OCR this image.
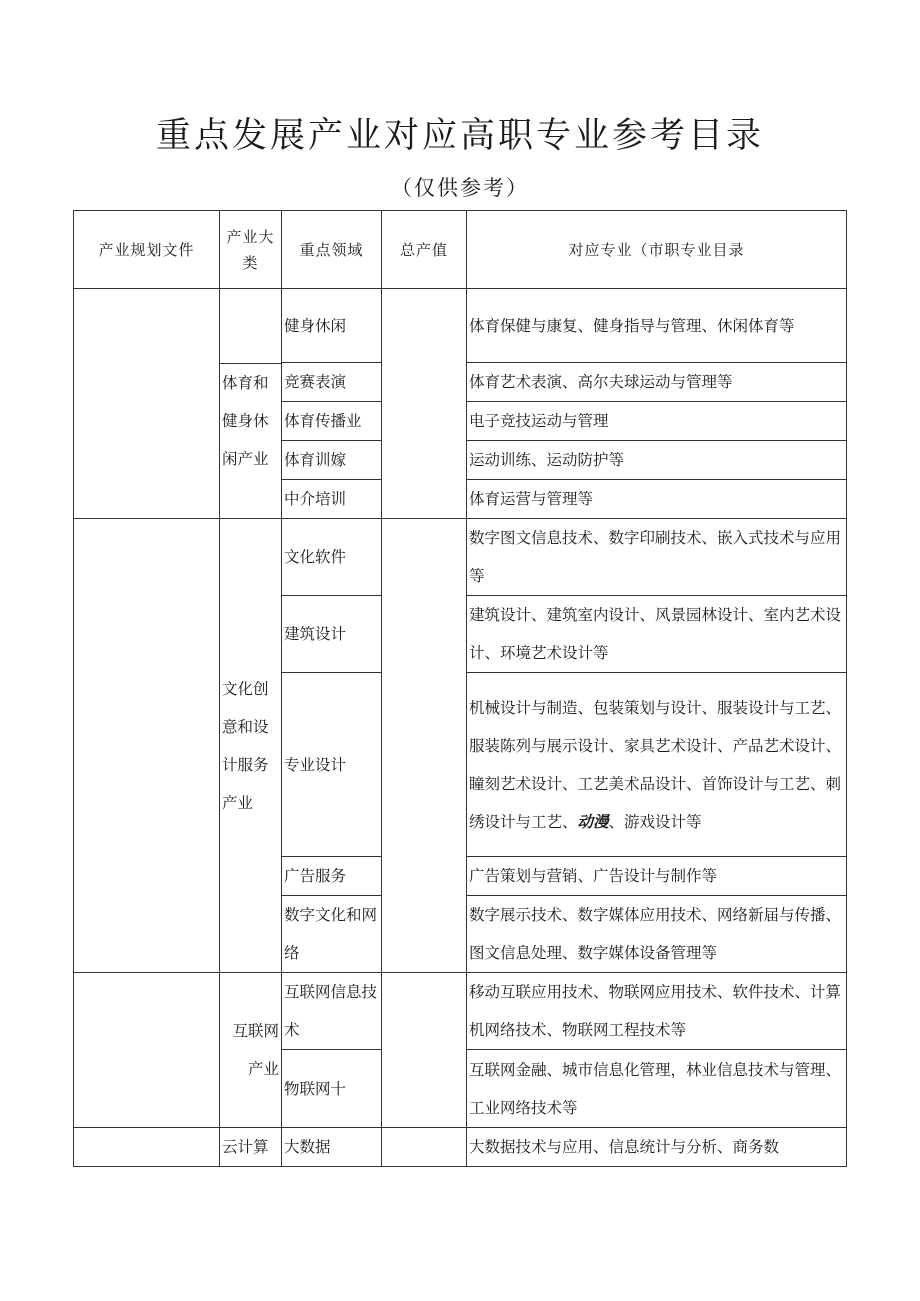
重点发展产业对应高职专业参考目录
（仅供参考）
产业规划文件	产业大类	重点领域	总产值	对应专业（市职专业目录

	体育和健身休闲产业	健身休闲		体育保健与康复、健身指导与管理、休闲体育等
		竞赛表演		体育艺术表演、高尔夫球运动与管理等
		体育传播业		电子竞技运动与管理
		体育训嫁		运动训练、运动防护等
		中介培训		体育运营与管理等
	文化创意和设计服务产业	文化软件		数字图文信息技术、数字印刷技术、嵌入式技术与应用等
		建筑设计		建筑设计、建筑室内设计、风景园林设计、室内艺术设计、环境艺术设计等
		专业设计		机械设计与制造、包装策划与设计、服装设计与工艺、服装陈列与展示设计、家具艺术设计、产品艺术设计、瞳刻艺术设计、工艺美术品设计、首饰设计与工艺、刺绣设计与工艺、动漫、游戏设计等
		广告服务		广告策划与营销、广告设计与制作等
		数字文化和网络		数字展示技术、数字媒体应用技术、网络新届与传播、图文信息处理、数字媒体设备管理等
	互联网产业	互联网信息技术		移动互联应用技术、物联网应用技术、软件技术、计算机网络技术、物联网工程技术等
		物联网十		互联网金融、城市信息化管理，林业信息技术与管理、工业网络技术等
	云计算	大数据		大数据技术与应用、信息统计与分析、商务数
